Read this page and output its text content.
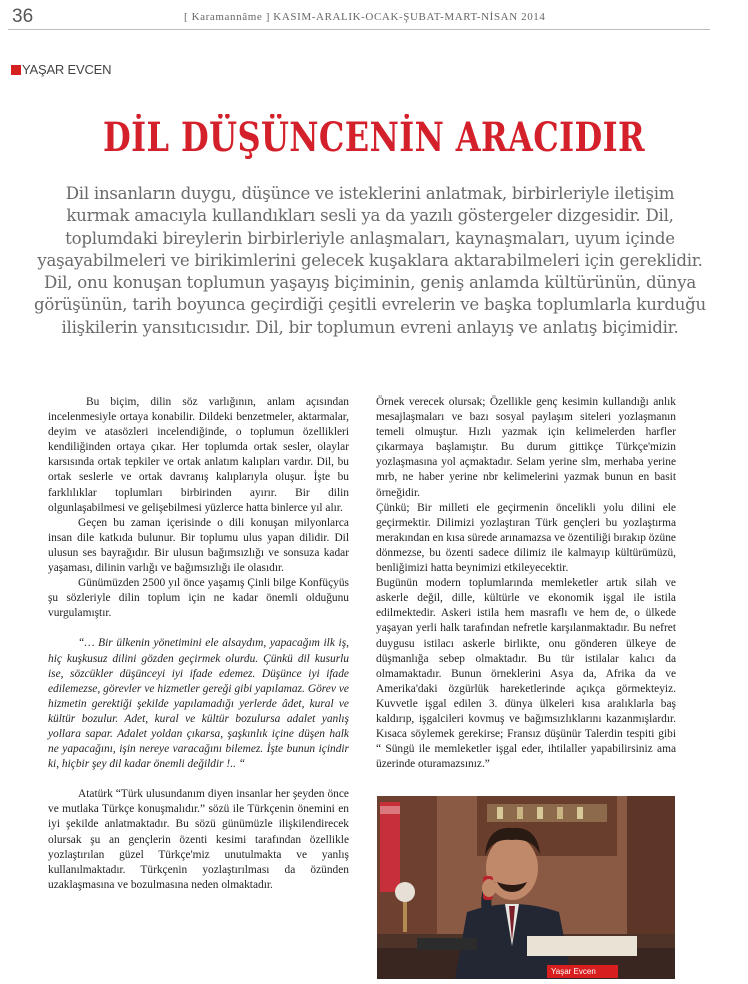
36	[ Karamannâme ] KASIM-ARALIK-OCAK-ŞUBAT-MART-NİSAN 2014
YAŞAR EVCEN
DİL DÜŞÜNCENİN ARACIDIR
Dil insanların duygu, düşünce ve isteklerini anlatmak, birbirleriyle iletişim kurmak amacıyla kullandıkları sesli ya da yazılı göstergeler dizgesidir. Dil, toplumdaki bireylerin birbirleriyle anlaşmaları, kaynaşmaları, uyum içinde yaşayabilmeleri ve birikimlerini gelecek kuşaklara aktarabilmeleri için gereklidir. Dil, onu konuşan toplumun yaşayış biçiminin, geniş anlamda kültürünün, dünya görüşünün, tarih boyunca geçirdiği çeşitli evrelerin ve başka toplumlarla kurduğu ilişkilerin yansıtıcısıdır. Dil, bir toplumun evreni anlayış ve anlatış biçimidir.

Bu biçim, dilin söz varlığının, anlam açısından incelenmesiyle ortaya konabilir. Dildeki benzetmeler, aktarmalar, deyim ve atasözleri incelendiğinde, o toplumun özellikleri kendiliğinden ortaya çıkar. Her toplumda ortak sesler, olaylar karsısında ortak tepkiler ve ortak anlatım kalıpları vardır. Dil, bu ortak seslerle ve ortak davranış kalıplarıyla oluşur. İşte bu farklılıklar toplumları birbirinden ayırır. Bir dilin olgunlaşabilmesi ve gelişebilmesi yüzlerce hatta binlerce yıl alır.

Geçen bu zaman içerisinde o dili konuşan milyonlarca insan dile katkıda bulunur. Bir toplumu ulus yapan dilidir. Dil ulusun ses bayrağıdır. Bir ulusun bağımsızlığı ve sonsuza kadar yaşaması, dilinin varlığı ve bağımsızlığı ile olasıdır.

Günümüzden 2500 yıl önce yaşamış Çinli bilge Konfüçyüs şu sözleriyle dilin toplum için ne kadar önemli olduğunu vurgulamıştır.

“… Bir ülkenin yönetimini ele alsaydım, yapacağım ilk iş, hiç kuşkusuz dilini gözden geçirmek olurdu. Çünkü dil kusurlu ise, sözcükler düşünceyi iyi ifade edemez. Düşünce iyi ifade edilemezse, görevler ve hizmetler gereği gibi yapılamaz. Görev ve hizmetin gerektiği şekilde yapılamadığı yerlerde âdet, kural ve kültür bozulur. Adet, kural ve kültür bozulursa adalet yanlış yollara sapar. Adalet yoldan çıkarsa, şaşkınlık içine düşen halk ne yapacağını, işin nereye varacağını bilemez. İşte bunun içindir ki, hiçbir şey dil kadar önemli değildir !.. “

Atatürk “Türk ulusundanım diyen insanlar her şeyden önce ve mutlaka Türkçe konuşmalıdır.” sözü ile Türkçenin önemini en iyi şekilde anlatmaktadır. Bu sözü günümüzle ilişkilendirecek olursak şu an gençlerin özenti kesimi tarafından özellikle yozlaştırılan güzel Türkçe'miz unutulmakta ve yanlış kullanılmaktadır. Türkçenin yozlaştırılması da özünden uzaklaşmasına ve bozulmasına neden olmaktadır.

Örnek verecek olursak; Özellikle genç kesimin kullandığı anlık mesajlaşmaları ve bazı sosyal paylaşım siteleri yozlaşmanın temeli olmuştur. Hızlı yazmak için kelimelerden harfler çıkarmaya başlamıştır. Bu durum gittikçe Türkçe'mizin yozlaşmasına yol açmaktadır. Selam yerine slm, merhaba yerine mrb, ne haber yerine nbr kelimelerini yazmak bunun en basit örneğidir.

Çünkü; Bir milleti ele geçirmenin öncelikli yolu dilini ele geçirmektir. Dilimizi yozlaştıran Türk gençleri bu yozlaştırma merakından en kısa sürede arınamazsa ve özentiliği bırakıp özüne dönmezse, bu özenti sadece dilimiz ile kalmayıp kültürümüzü, benliğimizi hatta beynimizi etkileyecektir.

Bugünün modern toplumlarında memleketler artık silah ve askerle değil, dille, kültürle ve ekonomik işgal ile istila edilmektedir. Askeri istila hem masraflı ve hem de, o ülkede yaşayan yerli halk tarafından nefretle karşılanmaktadır. Bu nefret duygusu istilacı askerle birlikte, onu gönderen ülkeye de düşmanlığa sebep olmaktadır. Bu tür istilalar kalıcı da olmamaktadır. Bunun örneklerini Asya da, Afrika da ve Amerika'daki özgürlük hareketlerinde açıkça görmekteyiz. Kuvvetle işgal edilen 3. dünya ülkeleri kısa aralıklarla baş kaldırıp, işgalcileri kovmuş ve bağımsızlıklarını kazanmışlardır. Kısaca söylemek gerekirse; Fransız düşünür Talerdin tespiti gibi “ Süngü ile memleketler işgal eder, ihtilaller yapabilirsiniz ama üzerinde oturamazsınız.”

Yaşar Evcen
